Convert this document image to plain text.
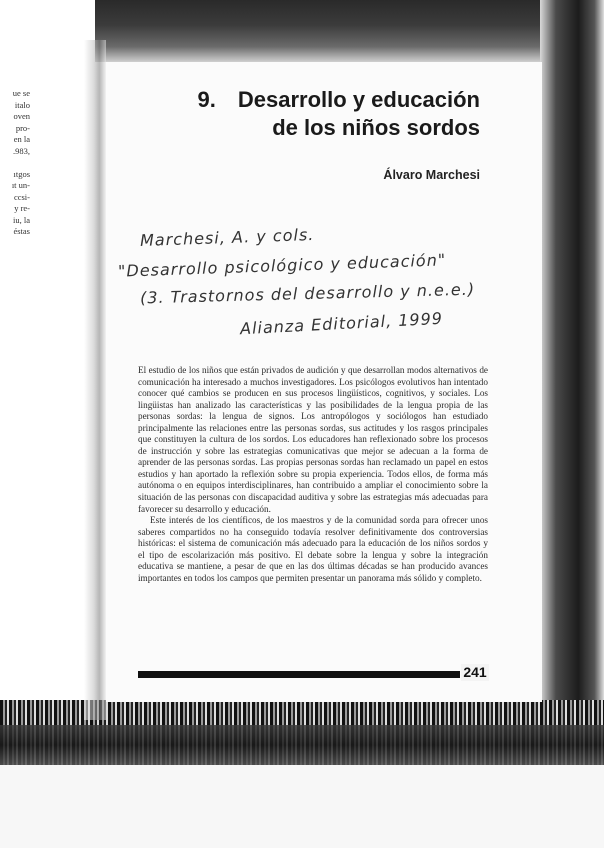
ue se
italo
oven
pro-
en la
.983,

ıtgos
ıt un-
ccsi-
y re-
iu, la
éstas
9. Desarrollo y educación
de los niños sordos
Álvaro Marchesi
Marchesi, A. y cols.
"Desarrollo psicológico y educación"
(3. Trastornos del desarrollo y n.e.e.)
Alianza Editorial, 1999

El estudio de los niños que están privados de audición y que desarrollan modos alternativos de comunicación ha interesado a muchos investigadores. Los psicólogos evolutivos han intentado conocer qué cambios se producen en sus procesos lingüísticos, cognitivos, y sociales. Los lingüistas han analizado las características y las posibilidades de la lengua propia de las personas sordas: la lengua de signos. Los antropólogos y sociólogos han estudiado principalmente las relaciones entre las personas sordas, sus actitudes y los rasgos principales que constituyen la cultura de los sordos. Los educadores han reflexionado sobre los procesos de instrucción y sobre las estrategias comunicativas que mejor se adecuan a la forma de aprender de las personas sordas. Las propias personas sordas han reclamado un papel en estos estudios y han aportado la reflexión sobre su propia experiencia. Todos ellos, de forma más autónoma o en equipos interdisciplinares, han contribuido a ampliar el conocimiento sobre la situación de las personas con discapacidad auditiva y sobre las estrategias más adecuadas para favorecer su desarrollo y educación.

Este interés de los científicos, de los maestros y de la comunidad sorda para ofrecer unos saberes compartidos no ha conseguido todavía resolver definitivamente dos controversias históricas: el sistema de comunicación más adecuado para la educación de los niños sordos y el tipo de escolarización más positivo. El debate sobre la lengua y sobre la integración educativa se mantiene, a pesar de que en las dos últimas décadas se han producido avances importantes en todos los campos que permiten presentar un panorama más sólido y completo.

241
